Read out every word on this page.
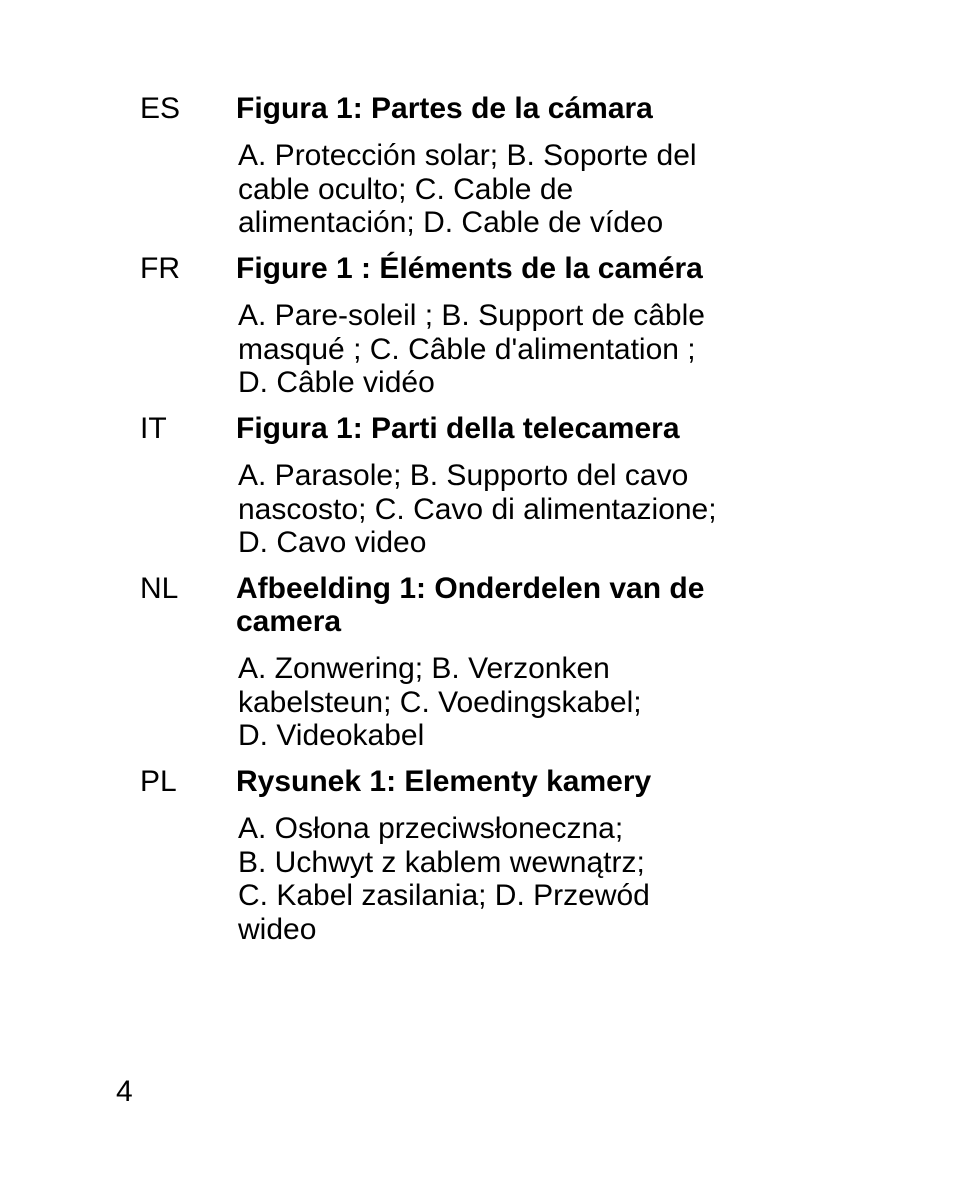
ES Figura 1: Partes de la cámara
A. Protección solar; B. Soporte del
cable oculto; C. Cable de
alimentación; D. Cable de vídeo
FR Figure 1 : Éléments de la caméra
A. Pare-soleil ; B. Support de câble
masqué ; C. Câble d'alimentation ;
D. Câble vidéo
IT Figura 1: Parti della telecamera
A. Parasole; B. Supporto del cavo
nascosto; C. Cavo di alimentazione;
D. Cavo video
NL Afbeelding 1: Onderdelen van de
camera
A. Zonwering; B. Verzonken
kabelsteun; C. Voedingskabel;
D. Videokabel
PL Rysunek 1: Elementy kamery
A. Osłona przeciwsłoneczna;
B. Uchwyt z kablem wewnątrz;
C. Kabel zasilania; D. Przewód
wideo
4
